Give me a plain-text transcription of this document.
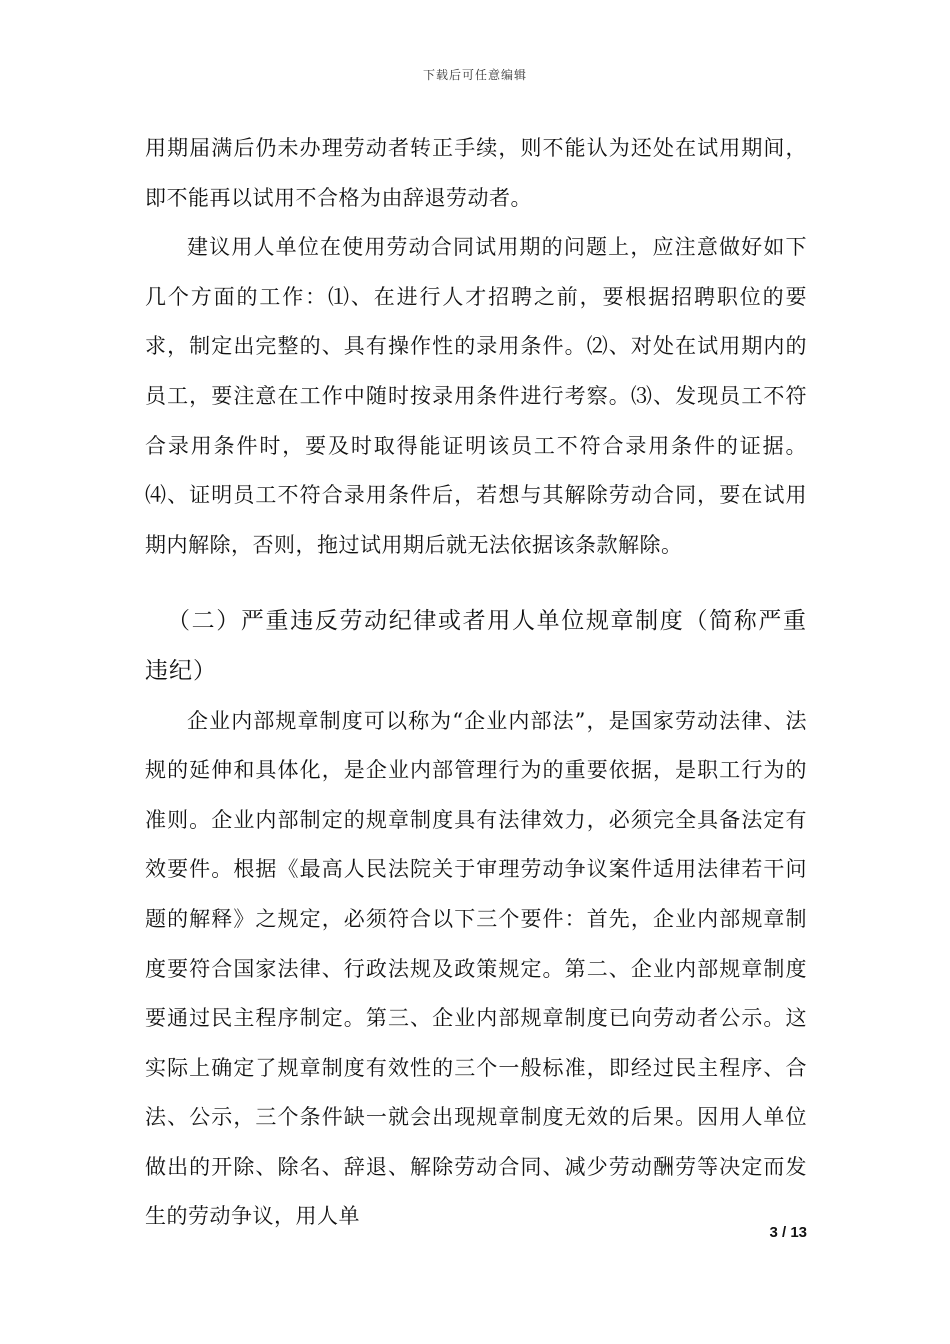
下载后可任意编辑

用期届满后仍未办理劳动者转正手续，则不能认为还处在试用期间，即不能再以试用不合格为由辞退劳动者。

建议用人单位在使用劳动合同试用期的问题上，应注意做好如下几个方面的工作：⑴、在进行人才招聘之前，要根据招聘职位的要求，制定出完整的、具有操作性的录用条件。⑵、对处在试用期内的员工，要注意在工作中随时按录用条件进行考察。⑶、发现员工不符合录用条件时，要及时取得能证明该员工不符合录用条件的证据。⑷、证明员工不符合录用条件后，若想与其解除劳动合同，要在试用期内解除，否则，拖过试用期后就无法依据该条款解除。

（二）严重违反劳动纪律或者用人单位规章制度（简称严重违纪）

企业内部规章制度可以称为“企业内部法”，是国家劳动法律、法规的延伸和具体化，是企业内部管理行为的重要依据，是职工行为的准则。企业内部制定的规章制度具有法律效力，必须完全具备法定有效要件。根据《最高人民法院关于审理劳动争议案件适用法律若干问题的解释》之规定，必须符合以下三个要件：首先，企业内部规章制度要符合国家法律、行政法规及政策规定。第二、企业内部规章制度要通过民主程序制定。第三、企业内部规章制度已向劳动者公示。这实际上确定了规章制度有效性的三个一般标准，即经过民主程序、合法、公示，三个条件缺一就会出现规章制度无效的后果。因用人单位做出的开除、除名、辞退、解除劳动合同、减少劳动酬劳等决定而发生的劳动争议，用人单

3 / 13
